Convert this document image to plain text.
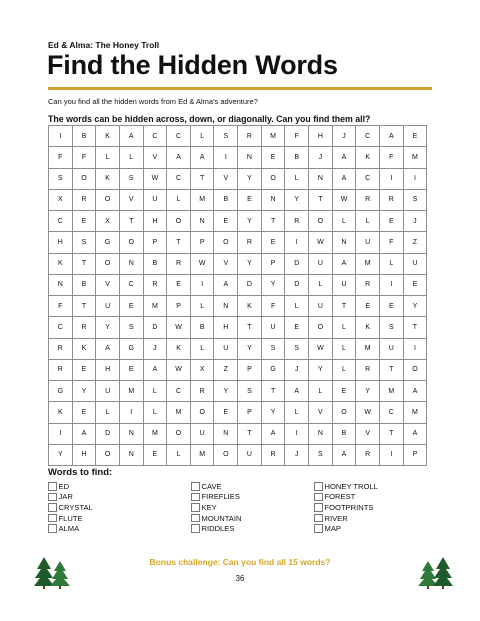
Ed & Alma: The Honey Troll
Find the Hidden Words
Can you find all the hidden words from Ed & Alma's adventure?
The words can be hidden across, down, or diagonally. Can you find them all?
I	B	K	A	C	C	L	S	R	M	F	H	J	C	A	E
F	F	L	L	V	A	A	I	N	E	B	J	A	K	F	M
S	O	K	S	W	C	T	V	Y	O	L	N	A	C	I	I
X	R	O	V	U	L	M	B	E	N	Y	T	W	R	R	S
C	E	X	T	H	O	N	E	Y	T	R	O	L	L	E	J
H	S	G	O	P	T	P	O	R	E	I	W	N	U	F	Z
K	T	O	N	B	R	W	V	Y	P	D	U	A	M	L	U
N	B	V	C	R	E	I	A	D	Y	D	L	U	R	I	E
F	T	U	E	M	P	L	N	K	F	L	U	T	E	E	Y
C	R	Y	S	D	W	B	H	T	U	E	O	L	K	S	T
R	K	A	G	J	K	L	U	Y	S	S	W	L	M	U	I
R	E	H	E	A	W	X	Z	P	G	J	Y	L	R	T	O
G	Y	U	M	L	C	R	Y	S	T	A	L	E	Y	M	A
K	E	L	I	L	M	O	E	P	Y	L	V	O	W	C	M
I	A	D	N	M	O	U	N	T	A	I	N	B	V	T	A
Y	H	O	N	E	L	M	O	U	R	J	S	A	R	I	P
Words to find:
ED
JAR
CRYSTAL
FLUTE
ALMA
CAVE
FIREFLIES
KEY
MOUNTAIN
RIDDLES
HONEY TROLL
FOREST
FOOTPRINTS
RIVER
MAP
Bonus challenge: Can you find all 15 words?
36
